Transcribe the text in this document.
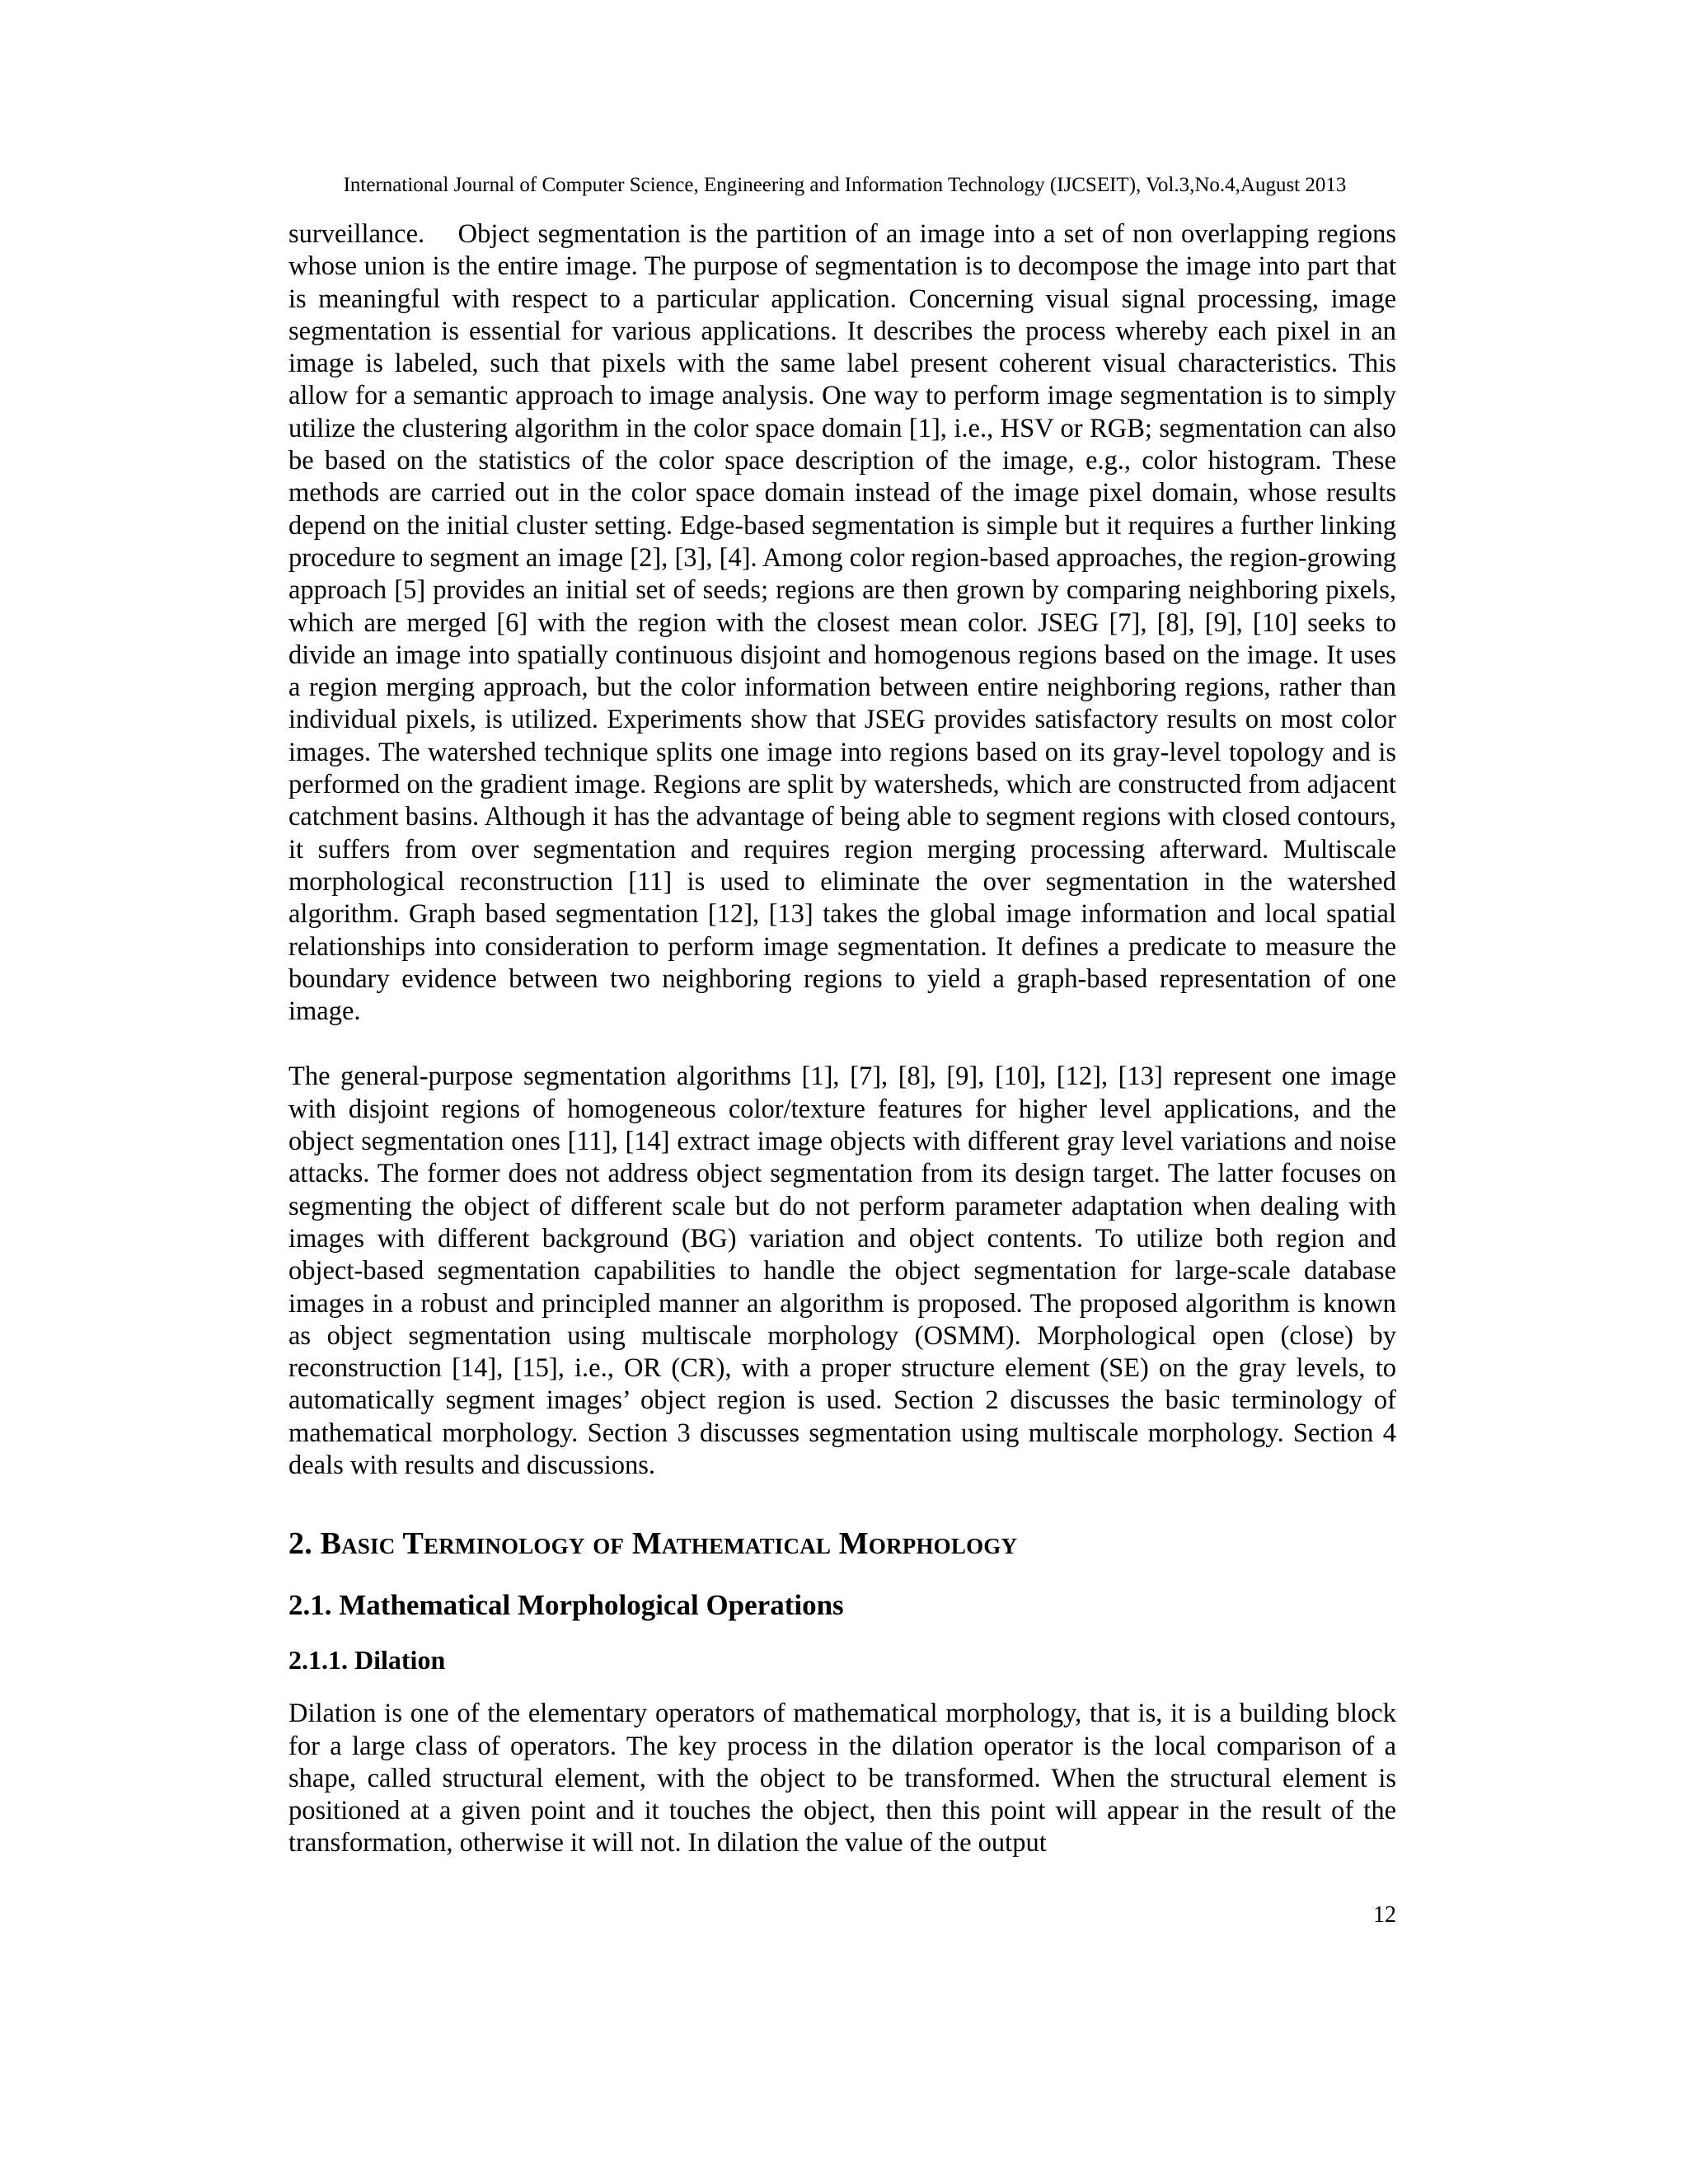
International Journal of Computer Science, Engineering and Information Technology (IJCSEIT), Vol.3,No.4,August 2013

surveillance.    Object segmentation is the partition of an image into a set of non overlapping regions whose union is the entire image. The purpose of segmentation is to decompose the image into part that is meaningful with respect to a particular application. Concerning visual signal processing, image segmentation is essential for various applications. It describes the process whereby each pixel in an image is labeled, such that pixels with the same label present coherent visual characteristics. This allow for a semantic approach to image analysis. One way to perform image segmentation is to simply utilize the clustering algorithm in the color space domain [1], i.e., HSV or RGB; segmentation can also be based on the statistics of the color space description of the image, e.g., color histogram. These methods are carried out in the color space domain instead of the image pixel domain, whose results depend on the initial cluster setting. Edge-based segmentation is simple but it requires a further linking procedure to segment an image [2], [3], [4]. Among color region-based approaches, the region-growing approach [5] provides an initial set of seeds; regions are then grown by comparing neighboring pixels, which are merged [6] with the region with the closest mean color. JSEG [7], [8], [9], [10] seeks to divide an image into spatially continuous disjoint and homogenous regions based on the image. It uses a region merging approach, but the color information between entire neighboring regions, rather than individual pixels, is utilized. Experiments show that JSEG provides satisfactory results on most color images. The watershed technique splits one image into regions based on its gray-level topology and is performed on the gradient image. Regions are split by watersheds, which are constructed from adjacent catchment basins. Although it has the advantage of being able to segment regions with closed contours, it suffers from over segmentation and requires region merging processing afterward. Multiscale morphological reconstruction [11] is used to eliminate the over segmentation in the watershed algorithm. Graph based segmentation [12], [13] takes the global image information and local spatial relationships into consideration to perform image segmentation. It defines a predicate to measure the boundary evidence between two neighboring regions to yield a graph-based representation of one image.

The general-purpose segmentation algorithms [1], [7], [8], [9], [10], [12], [13] represent one image with disjoint regions of homogeneous color/texture features for higher level applications, and the object segmentation ones [11], [14] extract image objects with different gray level variations and noise attacks. The former does not address object segmentation from its design target. The latter focuses on segmenting the object of different scale but do not perform parameter adaptation when dealing with images with different background (BG) variation and object contents. To utilize both region and object-based segmentation capabilities to handle the object segmentation for large-scale database images in a robust and principled manner an algorithm is proposed. The proposed algorithm is known as object segmentation using multiscale morphology (OSMM). Morphological open (close) by reconstruction [14], [15], i.e., OR (CR), with a proper structure element (SE) on the gray levels, to automatically segment images’ object region is used. Section 2 discusses the basic terminology of mathematical morphology. Section 3 discusses segmentation using multiscale morphology. Section 4 deals with results and discussions.

2. Basic Terminology of Mathematical Morphology
2.1. Mathematical Morphological Operations
2.1.1. Dilation

Dilation is one of the elementary operators of mathematical morphology, that is, it is a building block for a large class of operators. The key process in the dilation operator is the local comparison of a shape, called structural element, with the object to be transformed. When the structural element is positioned at a given point and it touches the object, then this point will appear in the result of the transformation, otherwise it will not. In dilation the value of the output

12
